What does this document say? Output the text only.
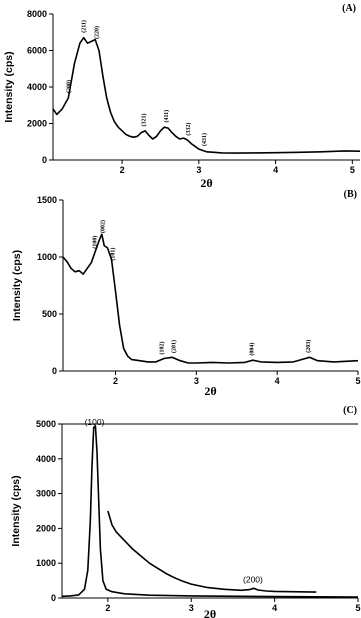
0
2000
4000
6000
8000
2	3	4	5
Intensity (cps)
2θ
(A)
(200)
(211) (220)
(321)	(411)
(332)
(431)
0
500
1000
1500
2	3	4	5
Intensity (cps)
2θ
(B)
(100)
(002)
(101)
(102) (201)	(004)	(203)
0
1000
2000
3000
4000
5000
2	3	4	5
Intensity (cps)
2θ
(C)
(100)
(200)
